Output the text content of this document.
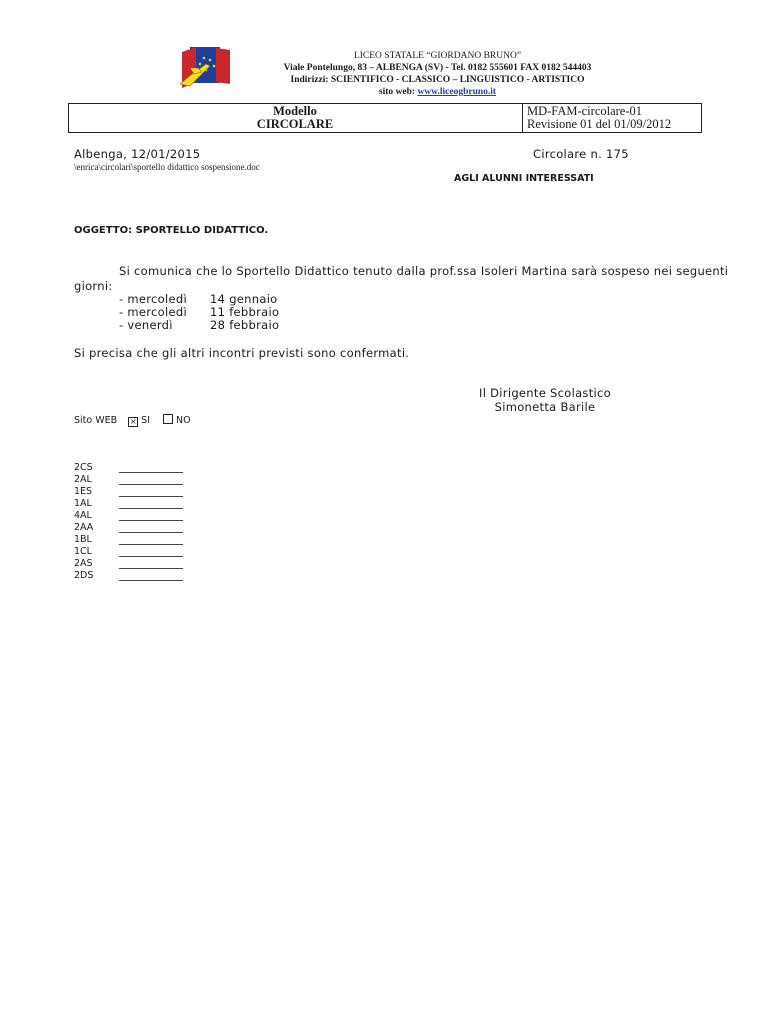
LICEO STATALE “GIORDANO BRUNO”
Viale Pontelungo, 83 – ALBENGA (SV) - Tel. 0182 555601 FAX 0182 544403
Indirizzi: SCIENTIFICO - CLASSICO – LINGUISTICO - ARTISTICO
sito web: www.liceogbruno.it
Modello
CIRCOLARE
MD-FAM-circolare-01
Revisione 01 del 01/09/2012
Albenga, 12/01/2015
\enrica\circolari\sportello didattico sospensione.doc
Circolare n. 175
AGLI ALUNNI INTERESSATI
OGGETTO: SPORTELLO DIDATTICO.
Si comunica che lo Sportello Didattico tenuto dalla prof.ssa Isoleri Martina sarà sospeso nei seguenti
giorni:
- mercoledì 14 gennaio
- mercoledì 11 febbraio
- venerdì	28 febbraio
Si precisa che gli altri incontri previsti sono confermati.
Il Dirigente Scolastico
Simonetta Barile
Sito WEB × SI	NO
2CS
2AL
1ES
1AL
4AL
2AA
1BL
1CL
2AS
2DS
